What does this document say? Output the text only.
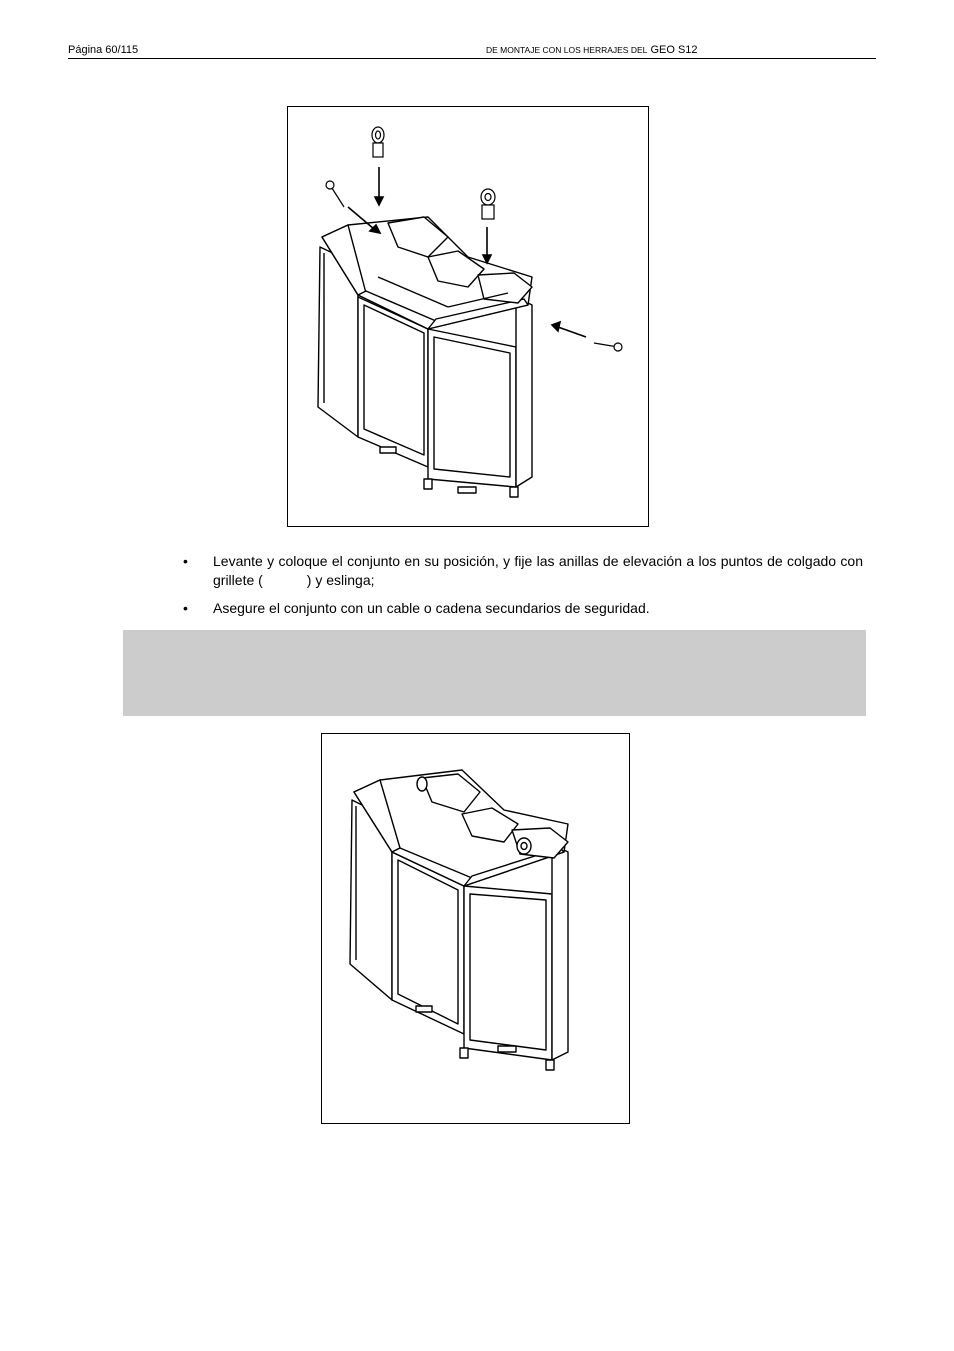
Página 60/115	DE MONTAJE CON LOS HERRAJES DEL GEO S12
• Levante y coloque el conjunto en su posición, y fije las anillas de elevación a los puntos de colgado con grillete (	) y eslinga;
• Asegure el conjunto con un cable o cadena secundarios de seguridad.
